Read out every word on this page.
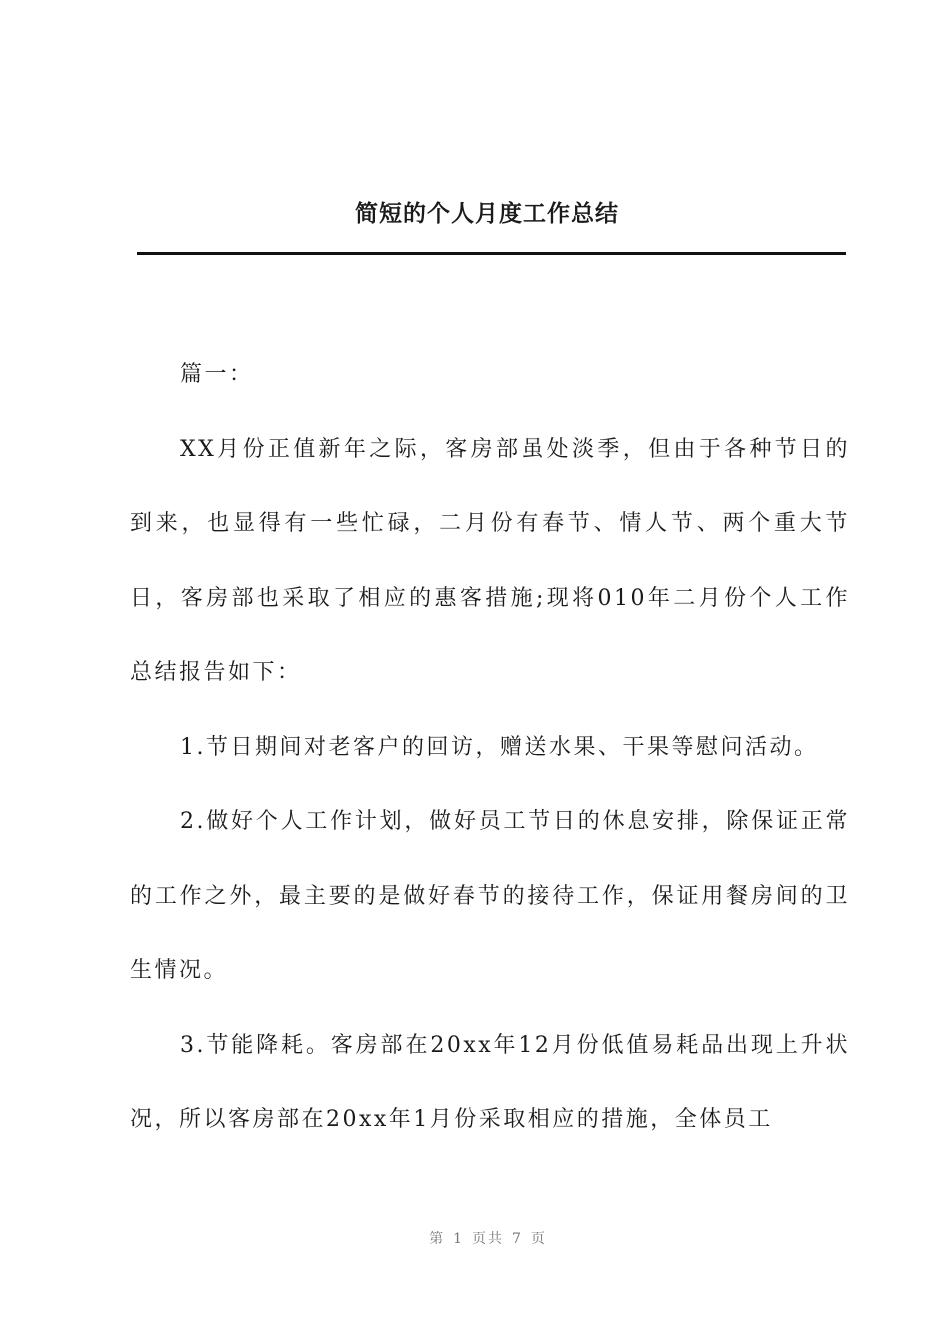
简短的个人月度工作总结

篇一：

XX月份正值新年之际，客房部虽处淡季，但由于各种节日的到来，也显得有一些忙碌，二月份有春节、情人节、两个重大节日，客房部也采取了相应的惠客措施;现将010年二月份个人工作总结报告如下：

1.节日期间对老客户的回访，赠送水果、干果等慰问活动。

2.做好个人工作计划，做好员工节日的休息安排，除保证正常的工作之外，最主要的是做好春节的接待工作，保证用餐房间的卫生情况。

3.节能降耗。客房部在20xx年12月份低值易耗品出现上升状况，所以客房部在20xx年1月份采取相应的措施，全体员工

第 1 页共 7 页
